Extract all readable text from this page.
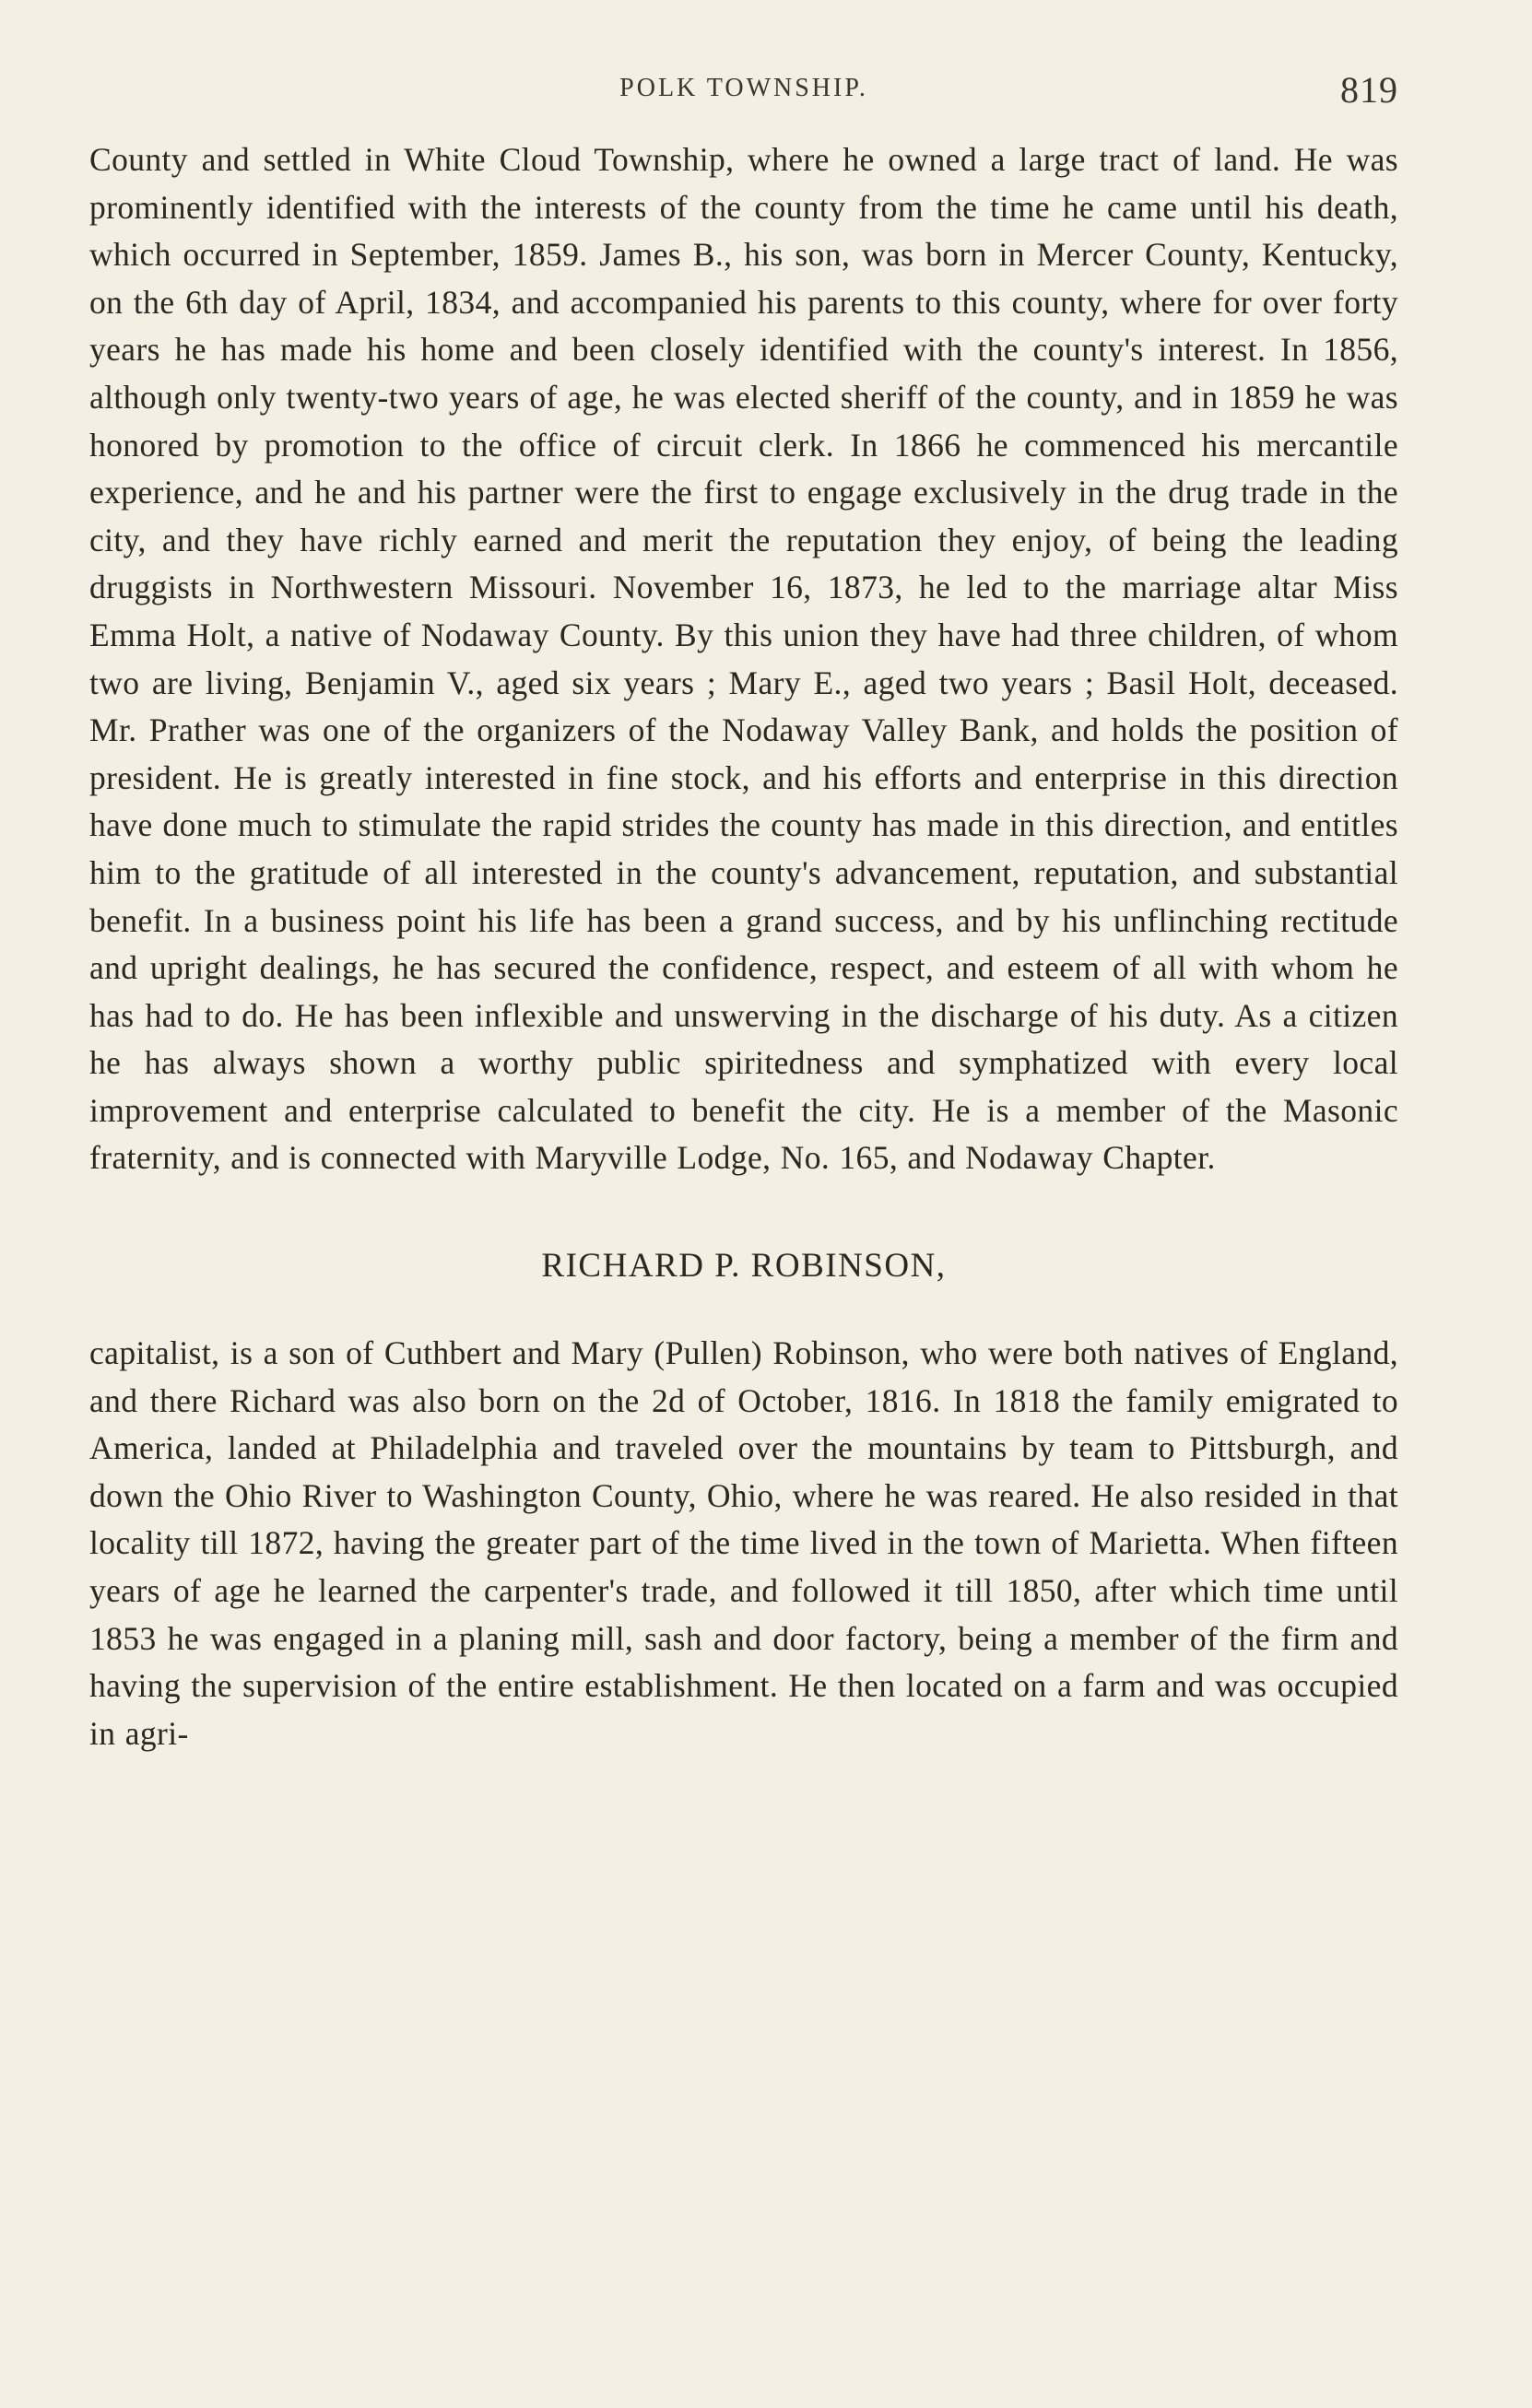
POLK TOWNSHIP.	819

County and settled in White Cloud Township, where he owned a large tract of land. He was prominently identified with the interests of the county from the time he came until his death, which occurred in September, 1859. James B., his son, was born in Mercer County, Kentucky, on the 6th day of April, 1834, and accompanied his parents to this county, where for over forty years he has made his home and been closely identified with the county's interest. In 1856, although only twenty-two years of age, he was elected sheriff of the county, and in 1859 he was honored by promotion to the office of circuit clerk. In 1866 he commenced his mercantile experience, and he and his partner were the first to engage exclusively in the drug trade in the city, and they have richly earned and merit the reputation they enjoy, of being the leading druggists in Northwestern Missouri. November 16, 1873, he led to the marriage altar Miss Emma Holt, a native of Nodaway County. By this union they have had three children, of whom two are living, Benjamin V., aged six years ; Mary E., aged two years ; Basil Holt, deceased. Mr. Prather was one of the organizers of the Nodaway Valley Bank, and holds the position of president. He is greatly interested in fine stock, and his efforts and enterprise in this direction have done much to stimulate the rapid strides the county has made in this direction, and entitles him to the gratitude of all interested in the county's advancement, reputation, and substantial benefit. In a business point his life has been a grand success, and by his unflinching rectitude and upright dealings, he has secured the confidence, respect, and esteem of all with whom he has had to do. He has been inflexible and unswerving in the discharge of his duty. As a citizen he has always shown a worthy public spiritedness and symphatized with every local improvement and enterprise calculated to benefit the city. He is a member of the Masonic fraternity, and is connected with Maryville Lodge, No. 165, and Nodaway Chapter.

RICHARD P. ROBINSON,

capitalist, is a son of Cuthbert and Mary (Pullen) Robinson, who were both natives of England, and there Richard was also born on the 2d of October, 1816. In 1818 the family emigrated to America, landed at Philadelphia and traveled over the mountains by team to Pittsburgh, and down the Ohio River to Washington County, Ohio, where he was reared. He also resided in that locality till 1872, having the greater part of the time lived in the town of Marietta. When fifteen years of age he learned the carpenter's trade, and followed it till 1850, after which time until 1853 he was engaged in a planing mill, sash and door factory, being a member of the firm and having the supervision of the entire establishment. He then located on a farm and was occupied in agri-
